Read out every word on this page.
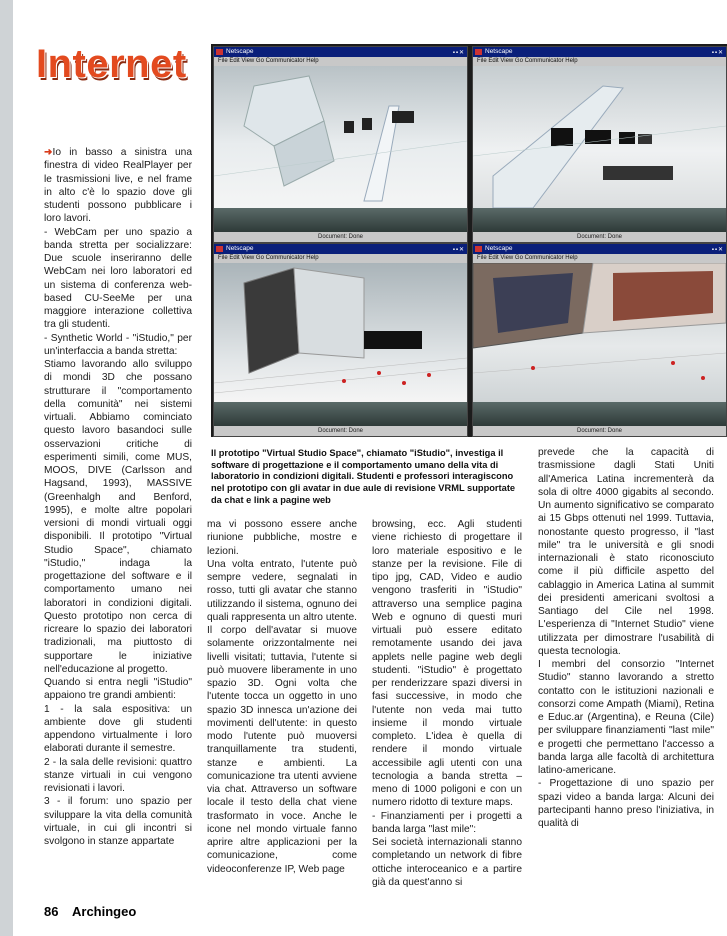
Internet	Netscape	▪▪✕
File Edit View Go Communicator Help
Document: Done
Netscape	▪▪✕
File Edit View Go Communicator Help
Document: Done
Netscape	▪▪✕
File Edit View Go Communicator Help
Document: Done
Netscape	▪▪✕
File Edit View Go Communicator Help
Document: Done
Il prototipo "Virtual Studio Space", chiamato "iStudio", investiga il software di progettazione e il comportamento umano della vita di laboratorio in condizioni digitali. Studenti e professori interagiscono nel prototipo con gli avatar in due aule di revisione VRML supportate da chat e link a pagine web

➜Io in basso a sinistra una finestra di video RealPlayer per le trasmissioni live, e nel frame in alto c'è lo spazio dove gli studenti possono pubblicare i loro lavori.

- WebCam per uno spazio a banda stretta per socializzare: Due scuole inseriranno delle WebCam nei loro laboratori ed un sistema di conferenza web-based CU-SeeMe per una maggiore interazione collettiva tra gli studenti.

- Synthetic World - "iStudio," per un'interfaccia a banda stretta:

Stiamo lavorando allo sviluppo di mondi 3D che possano strutturare il "comportamento della comunità" nei sistemi virtuali. Abbiamo cominciato questo lavoro basandoci sulle osservazioni critiche di esperimenti simili, come MUS, MOOS, DIVE (Carlsson and Hagsand, 1993), MASSIVE (Greenhalgh and Benford, 1995), e molte altre popolari versioni di mondi virtuali oggi disponibili. Il prototipo "Virtual Studio Space", chiamato "iStudio," indaga la progettazione del software e il comportamento umano nei laboratori in condizioni digitali. Questo prototipo non cerca di ricreare lo spazio dei laboratori tradizionali, ma piuttosto di supportare le iniziative nell'educazione al progetto.

Quando si entra negli "iStudio" appaiono tre grandi ambienti:

1 - la sala espositiva: un ambiente dove gli studenti appendono virtualmente i loro elaborati durante il semestre.

2 - la sala delle revisioni: quattro stanze virtuali in cui vengono revisionati i lavori.

3 - il forum: uno spazio per sviluppare la vita della comunità virtuale, in cui gli incontri si svolgono in stanze appartate

ma vi possono essere anche riunione pubbliche, mostre e lezioni.

Una volta entrato, l'utente può sempre vedere, segnalati in rosso, tutti gli avatar che stanno utilizzando il sistema, ognuno dei quali rappresenta un altro utente. Il corpo dell'avatar si muove solamente orizzontalmente nei livelli visitati; tuttavia, l'utente si può muovere liberamente in uno spazio 3D. Ogni volta che l'utente tocca un oggetto in uno spazio 3D innesca un'azione dei movimenti dell'utente: in questo modo l'utente può muoversi tranquillamente tra studenti, stanze e ambienti. La comunicazione tra utenti avviene via chat. Attraverso un software locale il testo della chat viene trasformato in voce. Anche le icone nel mondo virtuale fanno aprire altre applicazioni per la comunicazione, come videoconferenze IP, Web page

browsing, ecc. Agli studenti viene richiesto di progettare il loro materiale espositivo e le stanze per la revisione. File di tipo jpg, CAD, Video e audio vengono trasferiti in "iStudio" attraverso una semplice pagina Web e ognuno di questi muri virtuali può essere editato remotamente usando dei java applets nelle pagine web degli studenti. "iStudio" è progettato per renderizzare spazi diversi in fasi successive, in modo che l'utente non veda mai tutto insieme il mondo virtuale completo. L'idea è quella di rendere il mondo virtuale accessibile agli utenti con una tecnologia a banda stretta – meno di 1000 poligoni e con un numero ridotto di texture maps.

- Finanziamenti per i progetti a banda larga "last mile":

Sei società internazionali stanno completando un network di fibre ottiche interoceanico e a partire già da quest'anno si

prevede che la capacità di trasmissione dagli Stati Uniti all'America Latina incrementerà da sola di oltre 4000 gigabits al secondo. Un aumento significativo se comparato ai 15 Gbps ottenuti nel 1999. Tuttavia, nonostante questo progresso, il "last mile" tra le università e gli snodi internazionali è stato riconosciuto come il più difficile aspetto del cablaggio in America Latina al summit dei presidenti americani svoltosi a Santiago del Cile nel 1998. L'esperienza di "Internet Studio" viene utilizzata per dimostrare l'usabilità di questa tecnologia.

I membri del consorzio "Internet Studio" stanno lavorando a stretto contatto con le istituzioni nazionali e consorzi come Ampath (Miami), Retina e Educ.ar (Argentina), e Reuna (Cile) per sviluppare finanziamenti "last mile" e progetti che permettano l'accesso a banda larga alle facoltà di architettura latino-americane.

- Progettazione di uno spazio per spazi video a banda larga: Alcuni dei partecipanti hanno preso l'iniziativa, in qualità di

86 Archingeo
